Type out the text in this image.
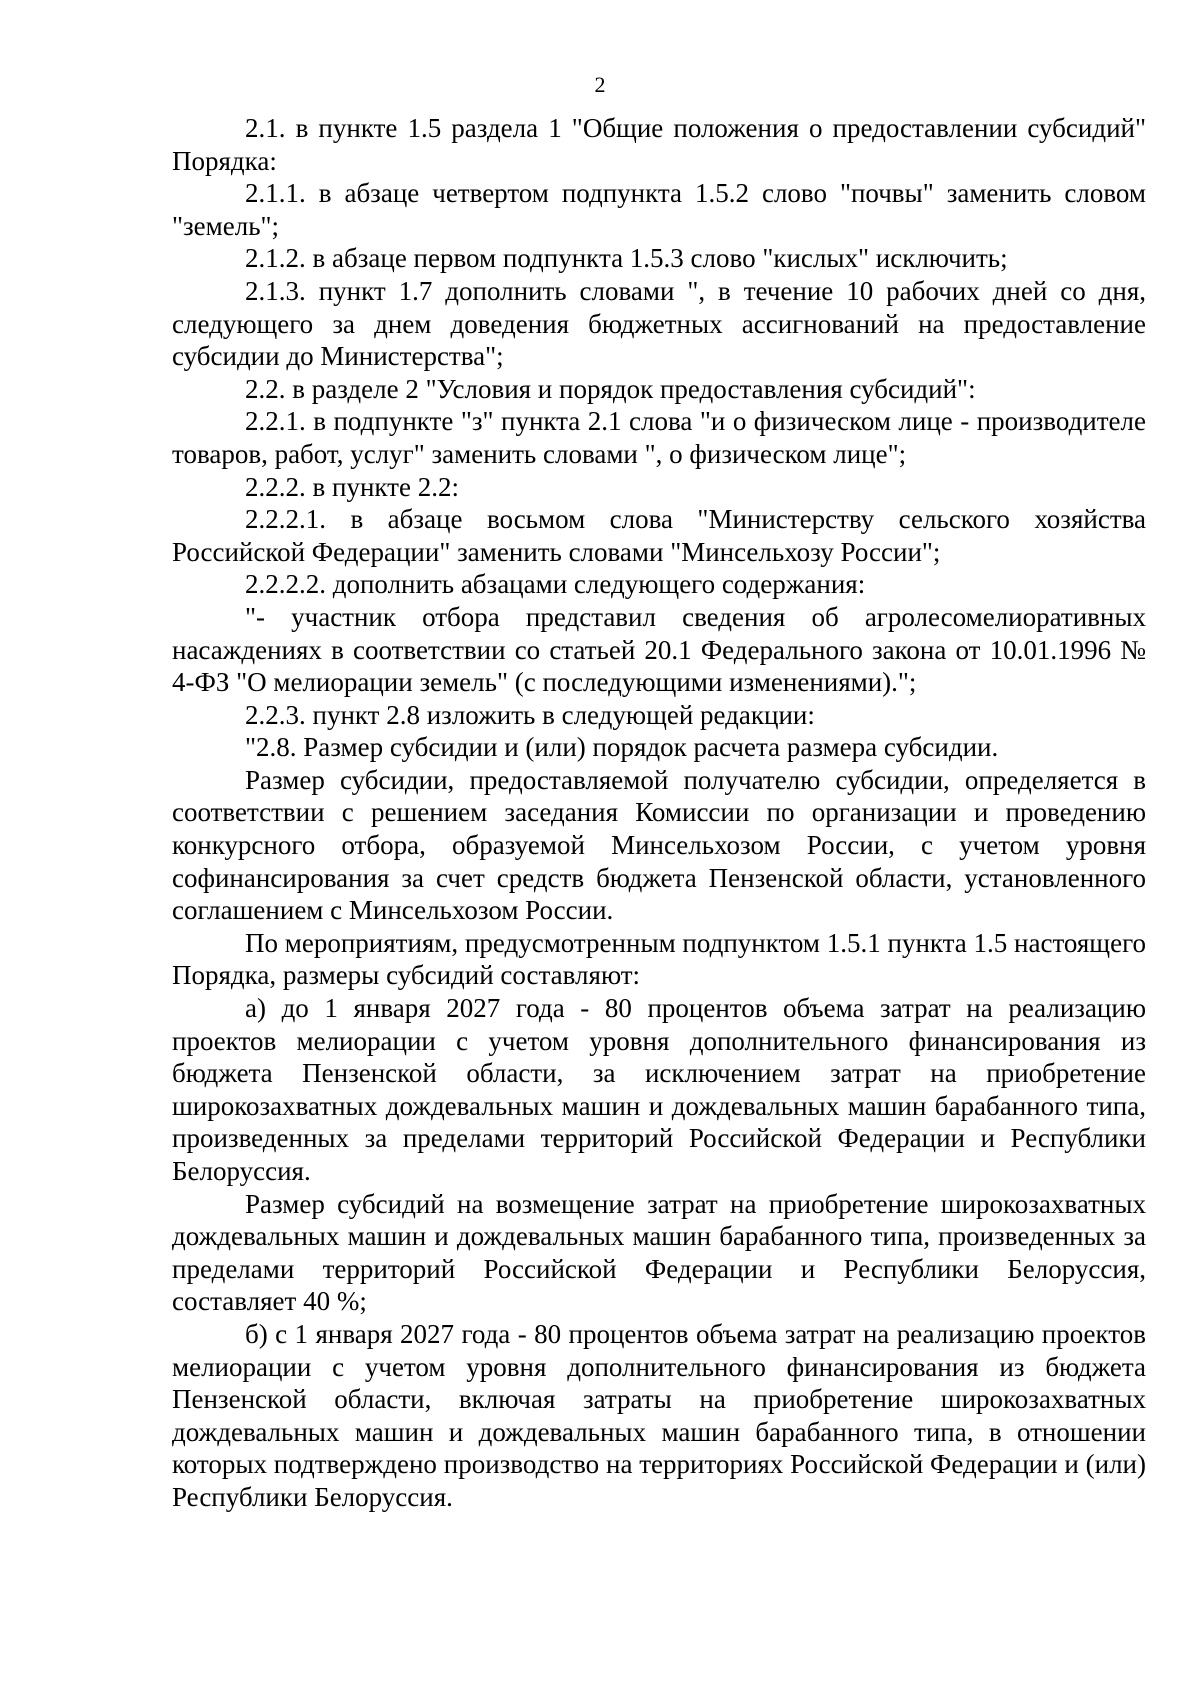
2

2.1. в пункте 1.5 раздела 1 "Общие положения о предоставлении субсидий" Порядка:

2.1.1. в абзаце четвертом подпункта 1.5.2 слово "почвы" заменить словом "земель";

2.1.2. в абзаце первом подпункта 1.5.3 слово "кислых" исключить;

2.1.3. пункт 1.7 дополнить словами ", в течение 10 рабочих дней со дня, следующего за днем доведения бюджетных ассигнований на предоставление субсидии до Министерства";

2.2. в разделе 2 "Условия и порядок предоставления субсидий":

2.2.1. в подпункте "з" пункта 2.1 слова "и о физическом лице - производителе товаров, работ, услуг" заменить словами ", о физическом лице";

2.2.2. в пункте 2.2:

2.2.2.1. в абзаце восьмом слова "Министерству сельского хозяйства Российской Федерации" заменить словами "Минсельхозу России";

2.2.2.2. дополнить абзацами следующего содержания:

"- участник отбора представил сведения об агролесомелиоративных насаждениях в соответствии со статьей 20.1 Федерального закона от 10.01.1996 № 4-ФЗ "О мелиорации земель" (с последующими изменениями).";

2.2.3. пункт 2.8 изложить в следующей редакции:

"2.8. Размер субсидии и (или) порядок расчета размера субсидии.

Размер субсидии, предоставляемой получателю субсидии, определяется в соответствии с решением заседания Комиссии по организации и проведению конкурсного отбора, образуемой Минсельхозом России, с учетом уровня софинансирования за счет средств бюджета Пензенской области, установленного соглашением с Минсельхозом России.

По мероприятиям, предусмотренным подпунктом 1.5.1 пункта 1.5 настоящего Порядка, размеры субсидий составляют:

а) до 1 января 2027 года - 80 процентов объема затрат на реализацию проектов мелиорации с учетом уровня дополнительного финансирования из бюджета Пензенской области, за исключением затрат на приобретение широкозахватных дождевальных машин и дождевальных машин барабанного типа, произведенных за пределами территорий Российской Федерации и Республики Белоруссия.

Размер субсидий на возмещение затрат на приобретение широкозахватных дождевальных машин и дождевальных машин барабанного типа, произведенных за пределами территорий Российской Федерации и Республики Белоруссия, составляет 40 %;

б) с 1 января 2027 года - 80 процентов объема затрат на реализацию проектов мелиорации с учетом уровня дополнительного финансирования из бюджета Пензенской области, включая затраты на приобретение широкозахватных дождевальных машин и дождевальных машин барабанного типа, в отношении которых подтверждено производство на территориях Российской Федерации и (или) Республики Белоруссия.
